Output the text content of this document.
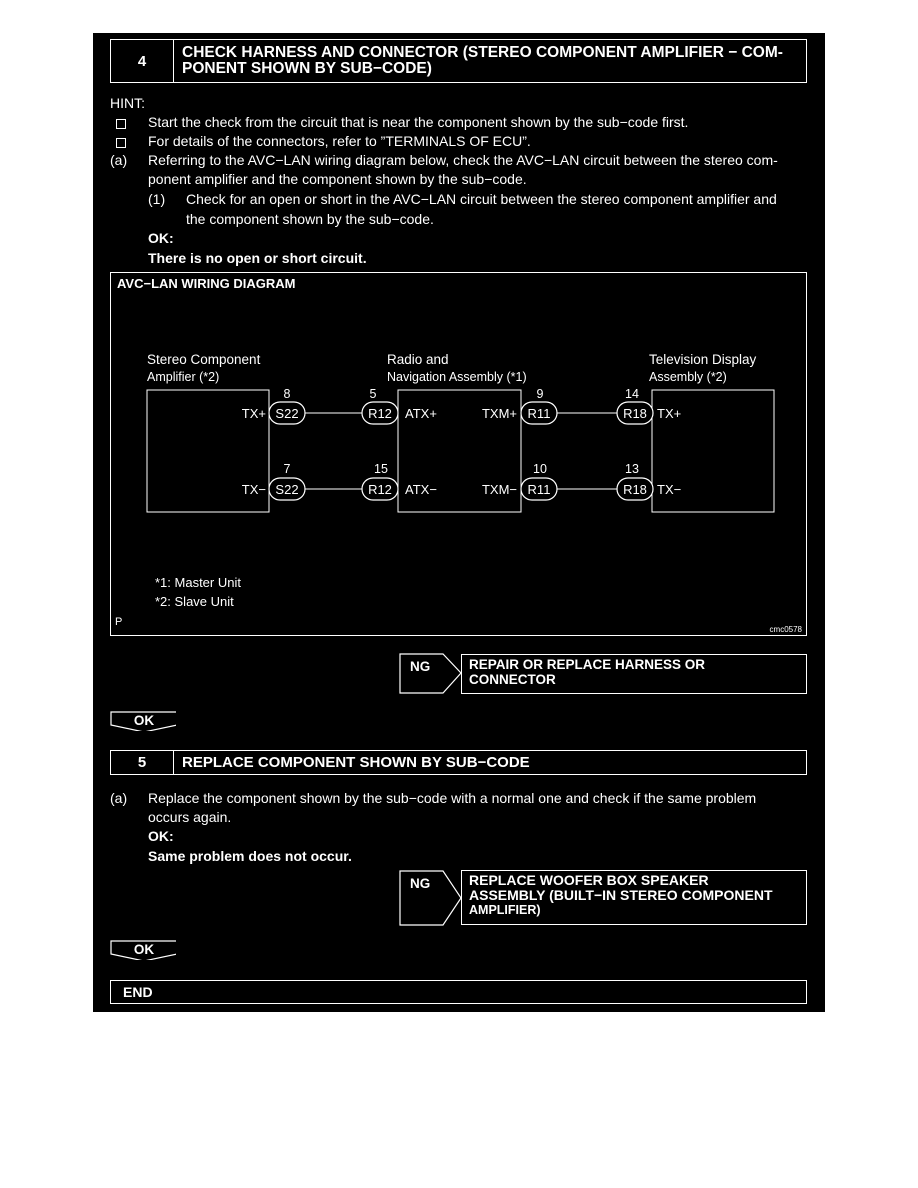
4	CHECK HARNESS AND CONNECTOR (STEREO COMPONENT AMPLIFIER − COM-
PONENT SHOWN BY SUB−CODE)
HINT:
Start the check from the circuit that is near the component shown by the sub−code first.
For details of the connectors, refer to ”TERMINALS OF ECU”.
(a) Referring to the AVC−LAN wiring diagram below, check the AVC−LAN circuit between the stereo com-
ponent amplifier and the component shown by the sub−code.
(1) Check for an open or short in the AVC−LAN circuit between the stereo component amplifier and
the component shown by the sub−code.
OK:
There is no open or short circuit.
AVC−LAN WIRING DIAGRAM
Stereo Component
Amplifier (*2)
Radio and
Navigation Assembly (*1)
Television Display
Assembly (*2)
8	5	9	14
7	15	10	13
S22	R12	R11	R18
S22	R12	R11	R18
TX+
TX−
ATX+
ATX−
TXM+
TXM−
TX+
TX−
*1: Master Unit
*2: Slave Unit
P
cmc0578
NG	REPAIR OR REPLACE HARNESS OR
CONNECTOR
OK
5	REPLACE COMPONENT SHOWN BY SUB−CODE
(a) Replace the component shown by the sub−code with a normal one and check if the same problem
occurs again.
OK:
Same problem does not occur.
NG	REPLACE WOOFER BOX SPEAKER
ASSEMBLY (BUILT−IN STEREO COMPONENT
AMPLIFIER)
OK
END
